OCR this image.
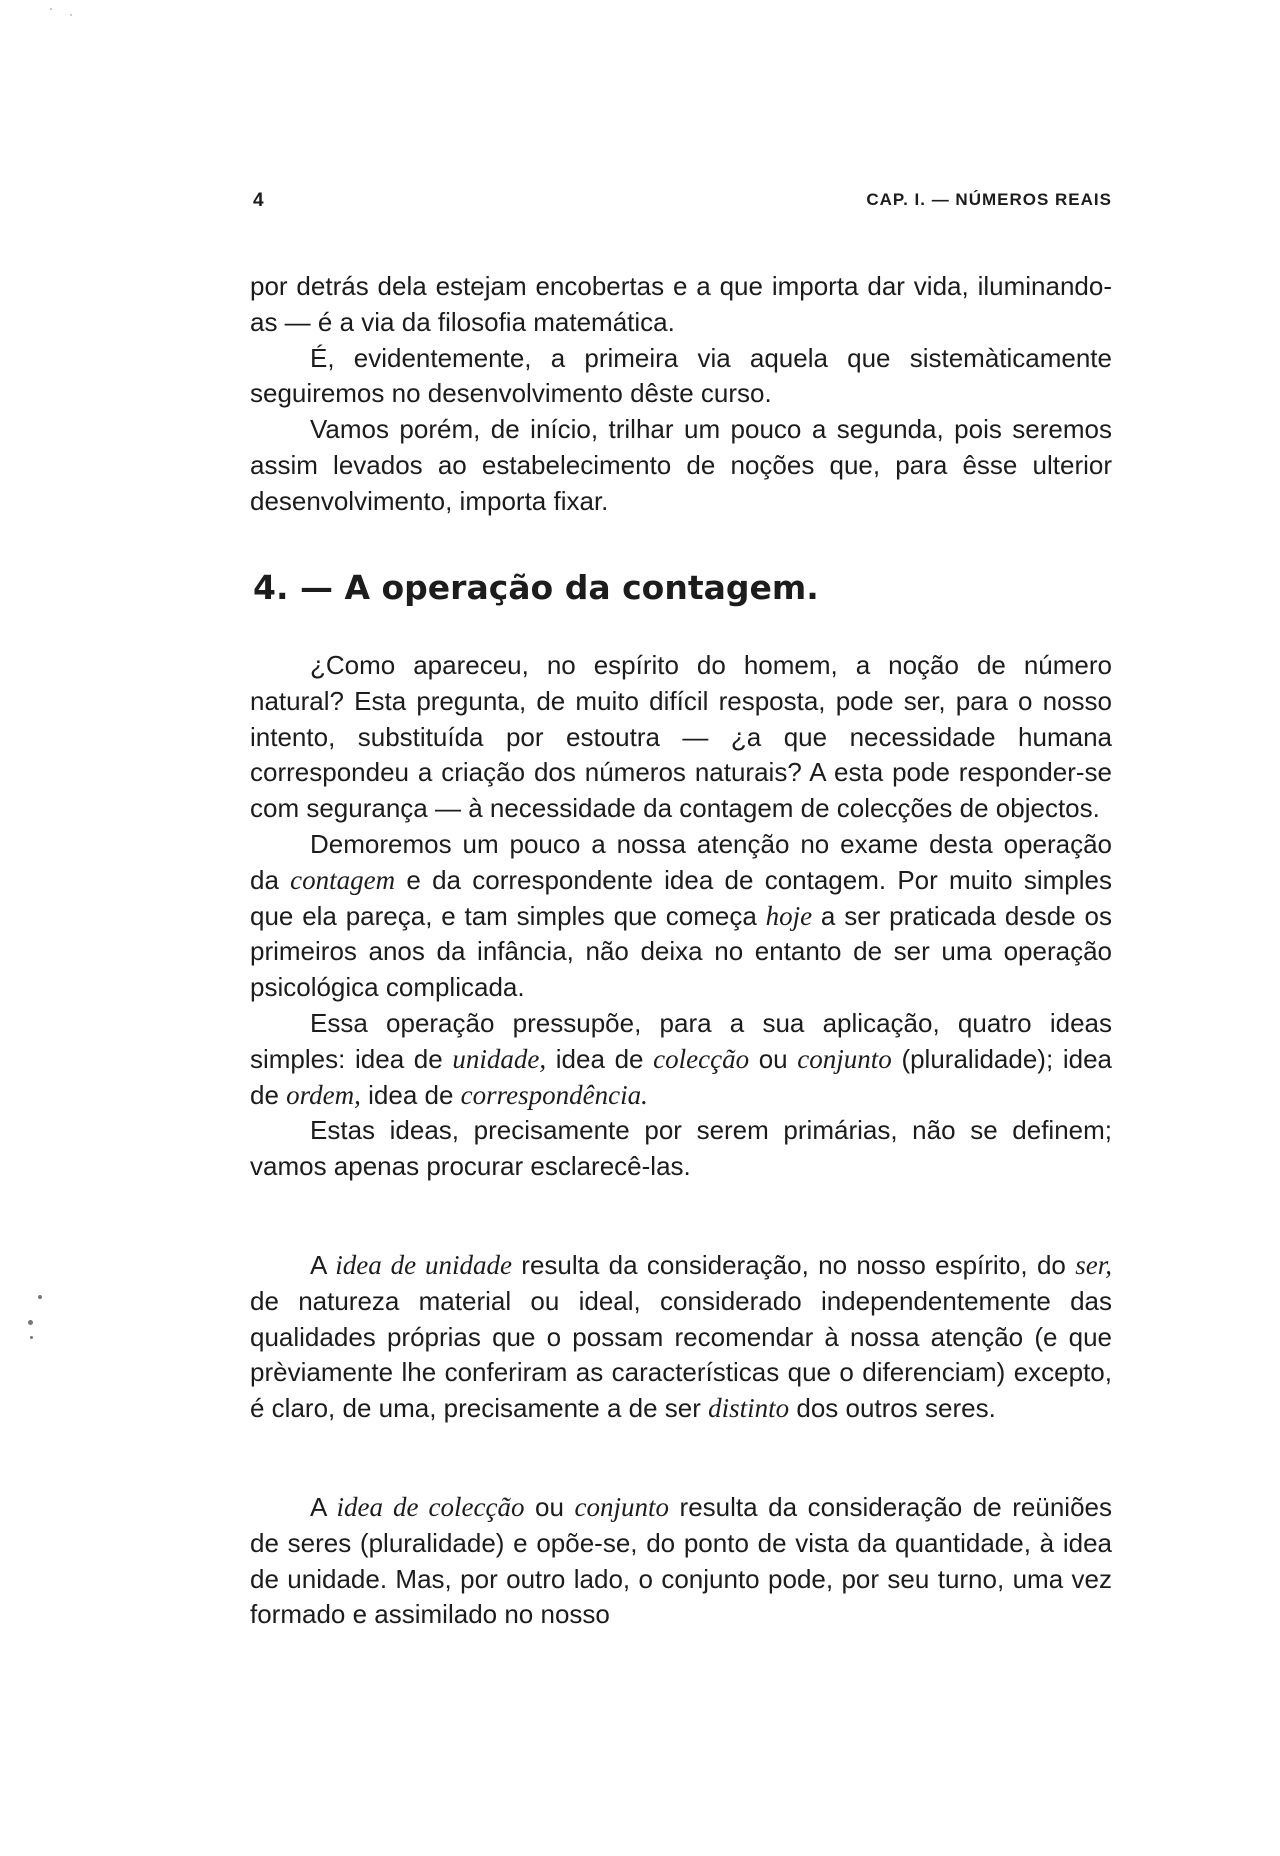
4	CAP. I. — NÚMEROS REAIS

por detrás dela estejam encobertas e a que importa dar vida, iluminando-as — é a via da filosofia matemática.

É, evidentemente, a primeira via aquela que sistemàticamente seguiremos no desenvolvimento dêste curso.

Vamos porém, de início, trilhar um pouco a segunda, pois seremos assim levados ao estabelecimento de noções que, para êsse ulterior desenvolvimento, importa fixar.

4. — A operação da contagem.

¿Como apareceu, no espírito do homem, a noção de número natural? Esta pregunta, de muito difícil resposta, pode ser, para o nosso intento, substituída por estoutra — ¿a que necessidade humana correspondeu a criação dos números naturais? A esta pode responder-se com segurança — à necessidade da contagem de colecções de objectos.

Demoremos um pouco a nossa atenção no exame desta operação da contagem e da correspondente idea de contagem. Por muito simples que ela pareça, e tam simples que começa hoje a ser praticada desde os primeiros anos da infância, não deixa no entanto de ser uma operação psicológica complicada.

Essa operação pressupõe, para a sua aplicação, quatro ideas simples: idea de unidade, idea de colecção ou conjunto (pluralidade); idea de ordem, idea de correspondência.

Estas ideas, precisamente por serem primárias, não se definem; vamos apenas procurar esclarecê-las.

A idea de unidade resulta da consideração, no nosso espírito, do ser, de natureza material ou ideal, considerado independentemente das qualidades próprias que o possam recomendar à nossa atenção (e que prèviamente lhe conferiram as características que o diferenciam) excepto, é claro, de uma, precisamente a de ser distinto dos outros seres.

A idea de colecção ou conjunto resulta da consideração de reüniões de seres (pluralidade) e opõe-se, do ponto de vista da quantidade, à idea de unidade. Mas, por outro lado, o conjunto pode, por seu turno, uma vez formado e assimilado no nosso
